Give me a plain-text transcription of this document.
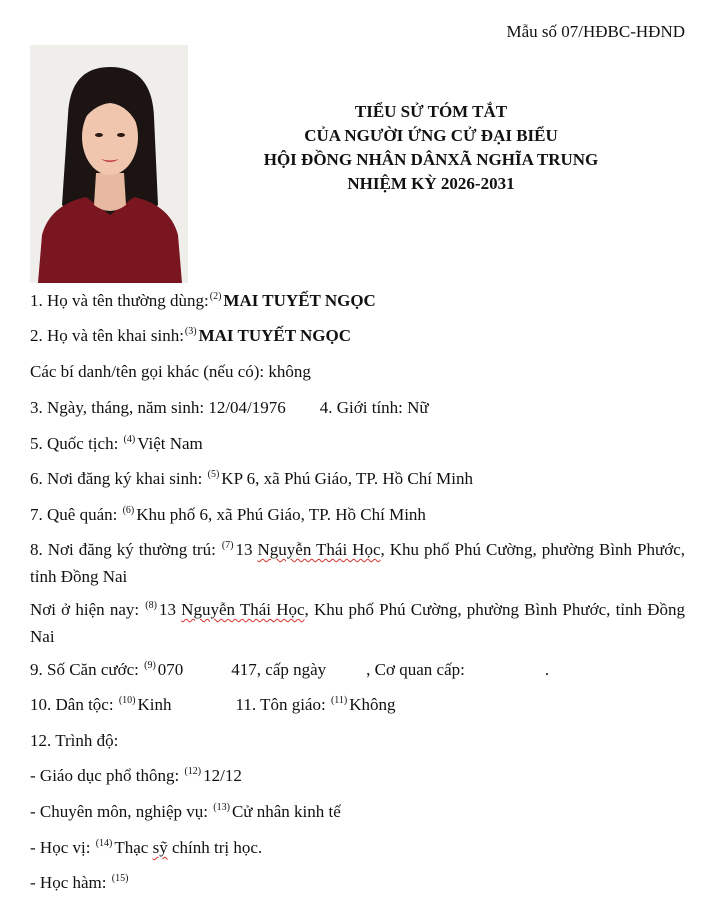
Mẫu số 07/HĐBC-HĐND
TIỂU SỬ TÓM TẮT
CỦA NGƯỜI ỨNG CỬ ĐẠI BIỂU
HỘI ĐỒNG NHÂN DÂNXÃ NGHĨA TRUNG
NHIỆM KỲ 2026-2031
1. Họ và tên thường dùng:$^{(2)}$ MAI TUYẾT NGỌC
2. Họ và tên khai sinh:$^{(3)}$ MAI TUYẾT NGỌC
Các bí danh/tên gọi khác (nếu có): không
3. Ngày, tháng, năm sinh: 12/04/1976 4. Giới tính: Nữ
5. Quốc tịch: $^{(4)}$ Việt Nam
6. Nơi đăng ký khai sinh: $^{(5)}$ KP 6, xã Phú Giáo, TP. Hồ Chí Minh
7. Quê quán: $^{(6)}$ Khu phố 6, xã Phú Giáo, TP. Hồ Chí Minh
8. Nơi đăng ký thường trú: $^{(7)}$ 13 Nguyễn Thái Học, Khu phố Phú Cường, phường Bình Phước, tỉnh Đồng Nai
Nơi ở hiện nay: $^{(8)}$ 13 Nguyễn Thái Học, Khu phố Phú Cường, phường Bình Phước, tỉnh Đồng Nai
9. Số Căn cước: $^{(9)}$ 070	417, cấp ngày , Cơ quan cấp:	.
10. Dân tộc: $^{(10)}$ Kinh	11. Tôn giáo: $^{(11)}$ Không
12. Trình độ:
- Giáo dục phổ thông: $^{(12)}$ 12/12
- Chuyên môn, nghiệp vụ: $^{(13)}$ Cử nhân kinh tế
- Học vị: $^{(14)}$ Thạc sỹ chính trị học.
- Học hàm: $^{(15)}$
